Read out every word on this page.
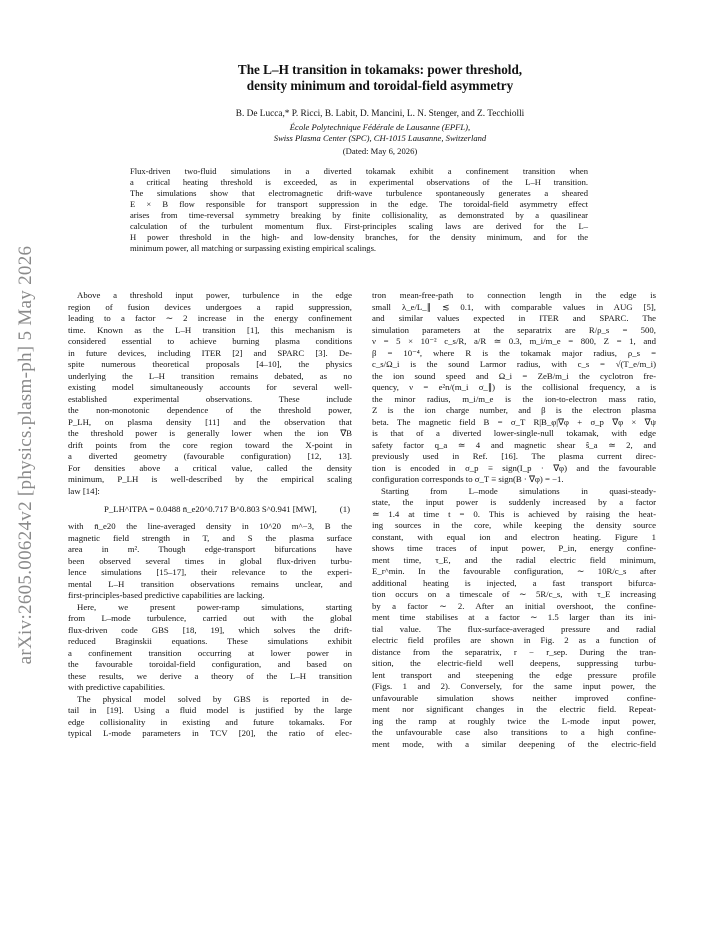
arXiv:2605.00624v2 [physics.plasm-ph] 5 May 2026
The L–H transition in tokamaks: power threshold,
density minimum and toroidal-field asymmetry
B. De Lucca,* P. Ricci, B. Labit, D. Mancini, L. N. Stenger, and Z. Tecchiolli
École Polytechnique Fédérale de Lausanne (EPFL),
Swiss Plasma Center (SPC), CH-1015 Lausanne, Switzerland
(Dated: May 6, 2026)
Flux-driven two-fluid simulations in a diverted tokamak exhibit a confinement transition when
a critical heating threshold is exceeded, as in experimental observations of the L–H transition.
The simulations show that electromagnetic drift-wave turbulence spontaneously generates a sheared
E × B flow responsible for transport suppression in the edge. The toroidal-field asymmetry effect
arises from time-reversal symmetry breaking by finite collisionality, as demonstrated by a quasilinear
calculation of the turbulent momentum flux. First-principles scaling laws are derived for the L–
H power threshold in the high- and low-density branches, for the density minimum, and for the
minimum power, all matching or surpassing existing empirical scalings.
Above a threshold input power, turbulence in the edge
region of fusion devices undergoes a rapid suppression,
leading to a factor ∼ 2 increase in the energy confinement
time. Known as the L–H transition [1], this mechanism is
considered essential to achieve burning plasma conditions
in future devices, including ITER [2] and SPARC [3]. De-
spite numerous theoretical proposals [4–10], the physics
underlying the L–H transition remains debated, as no
existing model simultaneously accounts for several well-
established experimental observations. These include
the non-monotonic dependence of the threshold power,
P_LH, on plasma density [11] and the observation that
the threshold power is generally lower when the ion ∇B
drift points from the core region toward the X-point in
a diverted geometry (favourable configuration) [12, 13].
For densities above a critical value, called the density
minimum, P_LH is well-described by the empirical scaling
law [14]:
P_LH^ITPA = 0.0488 n̄_e20^0.717 B^0.803 S^0.941 [MW],	(1)
with n̄_e20 the line-averaged density in 10^20 m^−3, B the
magnetic field strength in T, and S the plasma surface
area in m². Though edge-transport bifurcations have
been observed several times in global flux-driven turbu-
lence simulations [15–17], their relevance to the experi-
mental L–H transition observations remains unclear, and
first-principles-based predictive capabilities are lacking.
Here, we present power-ramp simulations, starting
from L–mode turbulence, carried out with the global
flux-driven code GBS [18, 19], which solves the drift-
reduced Braginskii equations. These simulations exhibit
a confinement transition occurring at lower power in
the favourable toroidal-field configuration, and based on
these results, we derive a theory of the L–H transition
with predictive capabilities.
The physical model solved by GBS is reported in de-
tail in [19]. Using a fluid model is justified by the large
edge collisionality in existing and future tokamaks. For
typical L-mode parameters in TCV [20], the ratio of elec-
tron mean-free-path to connection length in the edge is
small λ_e/L_∥ ≲ 0.1, with comparable values in AUG [5],
and similar values expected in ITER and SPARC. The
simulation parameters at the separatrix are R/ρ_s = 500,
ν = 5 × 10⁻² c_s/R, a/R ≃ 0.3, m_i/m_e = 800, Z = 1, and
β = 10⁻⁴, where R is the tokamak major radius, ρ_s =
c_s/Ω_i is the sound Larmor radius, with c_s = √(T_e/m_i)
the ion sound speed and Ω_i = ZeB/m_i the cyclotron fre-
quency, ν = e²n/(m_i σ_∥) is the collisional frequency, a is
the minor radius, m_i/m_e is the ion-to-electron mass ratio,
Z is the ion charge number, and β is the electron plasma
beta. The magnetic field B = σ_T R|B_φ|∇φ + σ_p ∇φ × ∇ψ
is that of a diverted lower-single-null tokamak, with edge
safety factor q_a ≃ 4 and magnetic shear ŝ_a ≃ 2, and
previously used in Ref. [16]. The plasma current direc-
tion is encoded in σ_p ≡ sign(I_p · ∇φ) and the favourable
configuration corresponds to σ_T ≡ sign(B · ∇φ) = −1.
Starting from L–mode simulations in quasi-steady-
state, the input power is suddenly increased by a factor
≃ 1.4 at time t = 0. This is achieved by raising the heat-
ing sources in the core, while keeping the density source
constant, with equal ion and electron heating. Figure 1
shows time traces of input power, P_in, energy confine-
ment time, τ_E, and the radial electric field minimum,
E_r^min. In the favourable configuration, ∼ 10R/c_s after
additional heating is injected, a fast transport bifurca-
tion occurs on a timescale of ∼ 5R/c_s, with τ_E increasing
by a factor ∼ 2. After an initial overshoot, the confine-
ment time stabilises at a factor ∼ 1.5 larger than its ini-
tial value. The flux-surface-averaged pressure and radial
electric field profiles are shown in Fig. 2 as a function of
distance from the separatrix, r − r_sep. During the tran-
sition, the electric-field well deepens, suppressing turbu-
lent transport and steepening the edge pressure profile
(Figs. 1 and 2). Conversely, for the same input power, the
unfavourable simulation shows neither improved confine-
ment nor significant changes in the electric field. Repeat-
ing the ramp at roughly twice the L-mode input power,
the unfavourable case also transitions to a high confine-
ment mode, with a similar deepening of the electric-field
